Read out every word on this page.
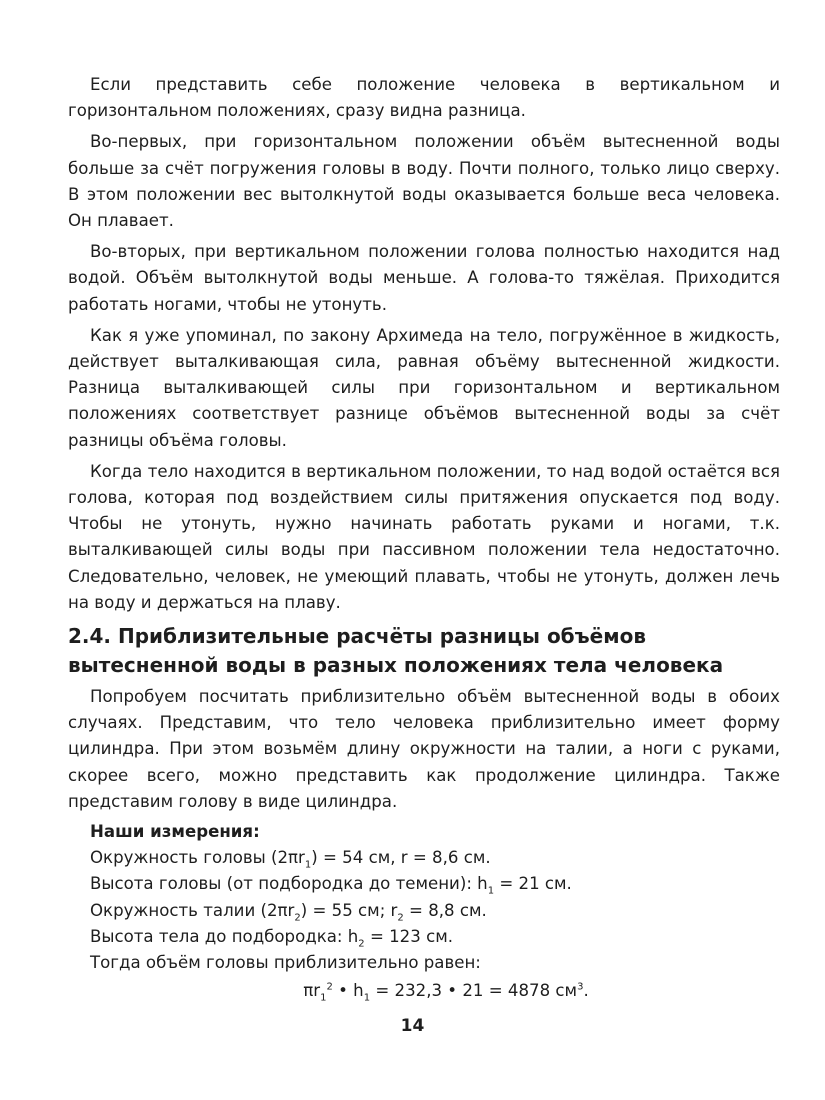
Если представить себе положение человека в вертикальном и горизонтальном положениях, сразу видна разница.

Во-первых, при горизонтальном положении объём вытесненной воды больше за счёт погружения головы в воду. Почти полного, только лицо сверху. В этом положении вес вытолкнутой воды оказывается больше веса человека. Он плавает.

Во-вторых, при вертикальном положении голова полностью находится над водой. Объём вытолкнутой воды меньше. А голова-то тяжёлая. Приходится работать ногами, чтобы не утонуть.

Как я уже упоминал, по закону Архимеда на тело, погружённое в жидкость, действует выталкивающая сила, равная объёму вытесненной жидкости. Разница выталкивающей силы при горизонтальном и вертикальном положениях соответствует разнице объёмов вытесненной воды за счёт разницы объёма головы.

Когда тело находится в вертикальном положении, то над водой остаётся вся голова, которая под воздействием силы притяжения опускается под воду. Чтобы не утонуть, нужно начинать работать руками и ногами, т.к. выталкивающей силы воды при пассивном положении тела недостаточно. Следовательно, человек, не умеющий плавать, чтобы не утонуть, должен лечь на воду и держаться на плаву.

2.4. Приблизительные расчёты разницы объёмов вытесненной воды в разных положениях тела человека

Попробуем посчитать приблизительно объём вытесненной воды в обоих случаях. Представим, что тело человека приблизительно имеет форму цилиндра. При этом возьмём длину окружности на талии, а ноги с руками, скорее всего, можно представить как продолжение цилиндра. Также представим голову в виде цилиндра.

Наши измерения:
Окружность головы $(2\pi r_1) = 54$ см, r = 8,6 см.
Высота головы (от подбородка до темени): $h_1 = 21$ см.
Окружность талии $(2\pi r_2) = 55$ см; $r_2 = 8,8$ см.
Высота тела до подбородка: $h_2 = 123$ см.
Тогда объём головы приблизительно равен:
$\pi r_1^2$ • $h_1 = 232,3$ • 21 = 4878 $см^3$.
14
